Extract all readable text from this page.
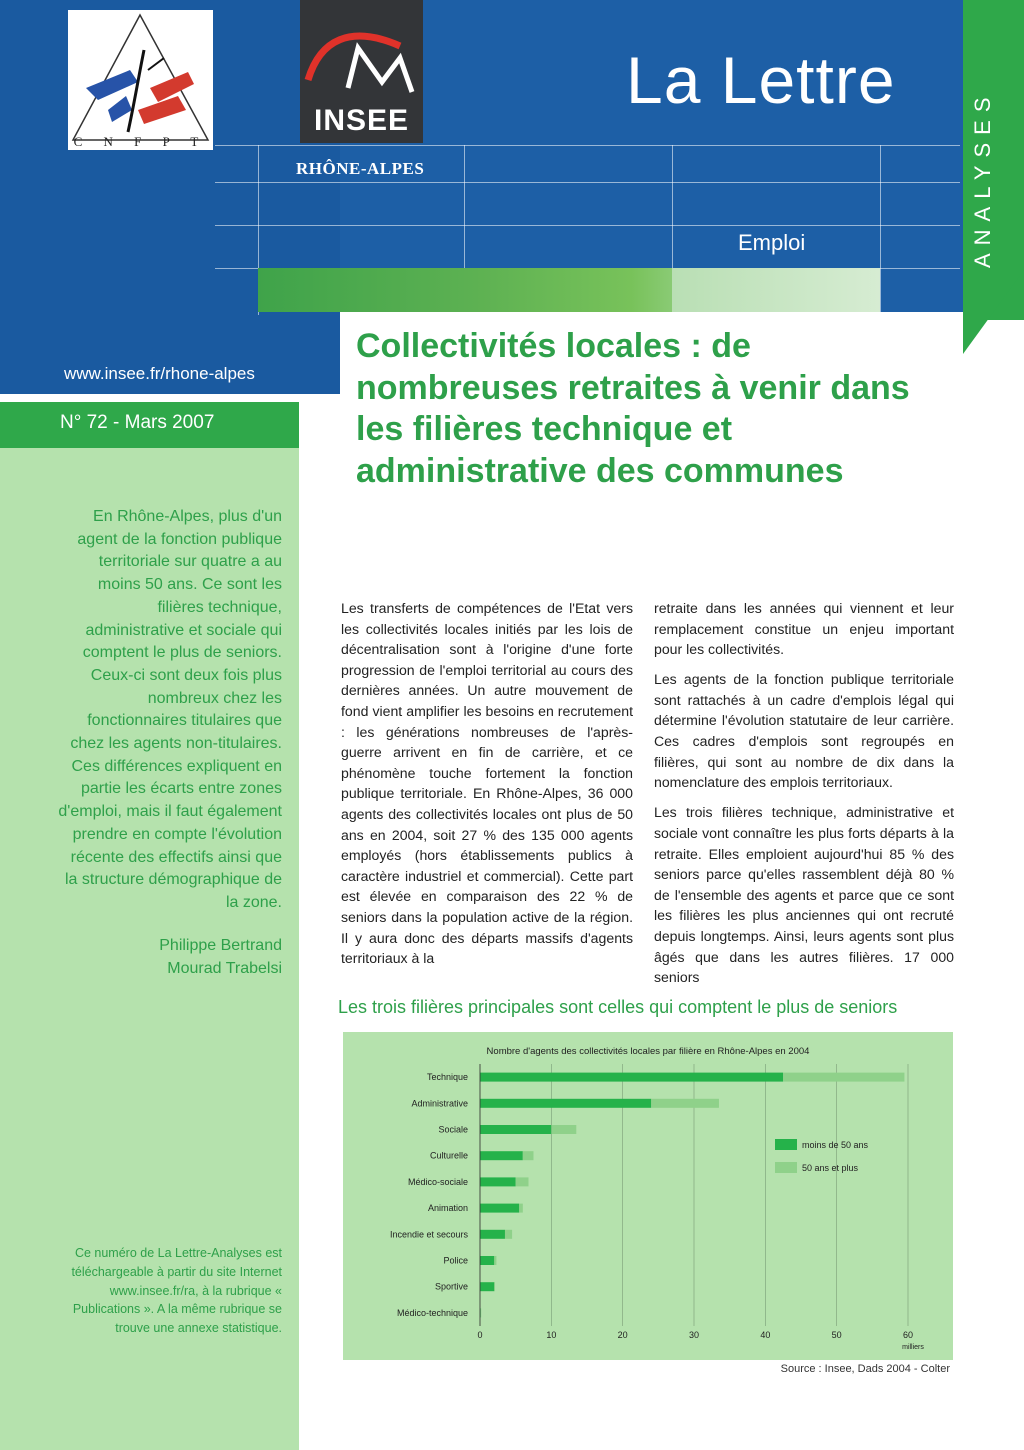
C N F P T
INSEE
RHÔNE-ALPES
La Lettre
Emploi	ANALYSES
www.insee.fr/rhone-alpes
N° 72 - Mars 2007
En Rhône-Alpes, plus d'un agent de la fonction publique territoriale sur quatre a au moins 50 ans. Ce sont les filières technique, administrative et sociale qui comptent le plus de seniors. Ceux-ci sont deux fois plus nombreux chez les fonctionnaires titulaires que chez les agents non-titulaires. Ces différences expliquent en partie les écarts entre zones d'emploi, mais il faut également prendre en compte l'évolution récente des effectifs ainsi que la structure démographique de la zone.
Philippe Bertrand
Mourad Trabelsi
Ce numéro de La Lettre-Analyses est téléchargeable à partir du site Internet www.insee.fr/ra, à la rubrique « Publications ». A la même rubrique se trouve une annexe statistique.
Collectivités locales : de nombreuses retraites à venir dans les filières technique et administrative des communes

Les transferts de compétences de l'Etat vers les collectivités locales initiés par les lois de décentralisation sont à l'origine d'une forte progression de l'emploi territorial au cours des dernières années. Un autre mouvement de fond vient amplifier les besoins en recrutement : les générations nombreuses de l'après-guerre arrivent en fin de carrière, et ce phénomène touche fortement la fonction publique territoriale. En Rhône-Alpes, 36 000 agents des collectivités locales ont plus de 50 ans en 2004, soit 27 % des 135 000 agents employés (hors établissements publics à caractère industriel et commercial). Cette part est élevée en comparaison des 22 % de seniors dans la population active de la région. Il y aura donc des départs massifs d'agents territoriaux à la

retraite dans les années qui viennent et leur remplacement constitue un enjeu important pour les collectivités.

Les agents de la fonction publique territoriale sont rattachés à un cadre d'emplois légal qui détermine l'évolution statutaire de leur carrière. Ces cadres d'emplois sont regroupés en filières, qui sont au nombre de dix dans la nomenclature des emplois territoriaux.

Les trois filières technique, administrative et sociale vont connaître les plus forts départs à la retraite. Elles emploient aujourd'hui 85 % des seniors parce qu'elles rassemblent déjà 80 % de l'ensemble des agents et parce que ce sont les filières les plus anciennes qui ont recruté depuis longtemps. Ainsi, leurs agents sont plus âgés que dans les autres filières. 17 000 seniors

Les trois filières principales sont celles qui comptent le plus de seniors
Nombre d'agents des collectivités locales par filière en Rhône-Alpes en 2004
0	10	20	30	40	50	60
milliers
Technique
Administrative
Sociale
Culturelle
Médico-sociale
Animation
Incendie et secours
Police
Sportive
Médico-technique
moins de 50 ans
50 ans et plus
Source : Insee, Dads 2004 - Colter
